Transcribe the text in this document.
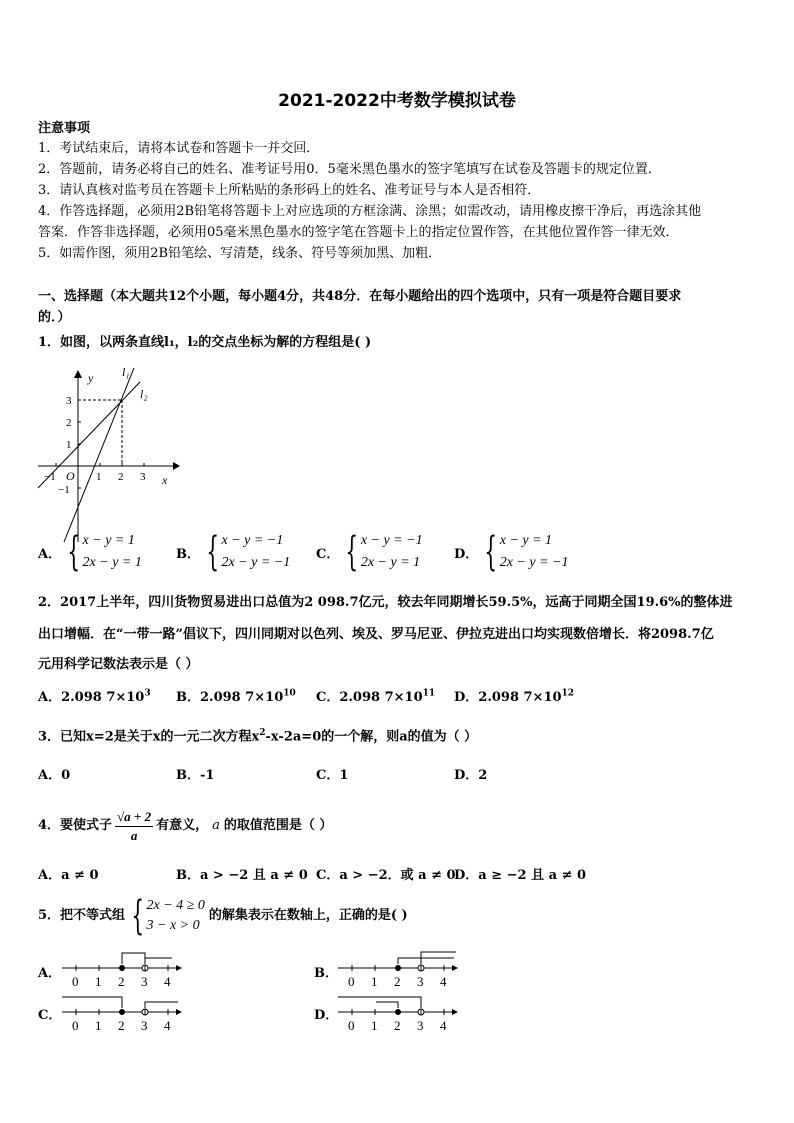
2021-2022中考数学模拟试卷
注意事项
1．考试结束后，请将本试卷和答题卡一并交回．
2．答题前，请务必将自己的姓名、准考证号用0．5毫米黑色墨水的签字笔填写在试卷及答题卡的规定位置．
3．请认真核对监考员在答题卡上所粘贴的条形码上的姓名、准考证号与本人是否相符．
4．作答选择题，必须用2B铅笔将答题卡上对应选项的方框涂满、涂黑；如需改动，请用橡皮擦干净后，再选涂其他
答案．作答非选择题，必须用05毫米黑色墨水的签字笔在答题卡上的指定位置作答，在其他位置作答一律无效．
5．如需作图，须用2B铅笔绘、写清楚，线条、符号等须加黑、加粗．
一、选择题（本大题共12个小题，每小题4分，共48分．在每小题给出的四个选项中，只有一项是符合题目要求
的．）
1．如图，以两条直线l₁，l₂的交点坐标为解的方程组是( )
y
x
O
l₁
l₂
−1	1 2 3
3
2
1
−1
A． { x − y = 1
2x − y = 1
B． { x − y = −1
2x − y = −1
C． { x − y = −1
2x − y = 1
D． { x − y = 1
2x − y = −1
2．2017上半年，四川货物贸易进出口总值为2 098.7亿元，较去年同期增长59.5%，远高于同期全国19.6%的整体进
出口增幅．在“一带一路”倡议下，四川同期对以色列、埃及、罗马尼亚、伊拉克进出口均实现数倍增长．将2098.7亿
元用科学记数法表示是（ ）
A．2.098 $7\times 10^3$ B．2.098 $7\times 10^{10}$ C．2.098 $7\times 10^{11}$ D．2.098 $7\times 10^{12}$
3．已知x=2是关于x的一元二次方程$x^2-x-2a=0$的一个解，则a的值为（ ）
A．0	B．-1	C．1	D．2
4．要使式子 $\frac{√a + 2}{a}$ 有意义， a 的取值范围是（ ）
A．a ≠ 0	B．a > −2 且 a ≠ 0 C．a > −2．或 a ≠ 0
D．a ≥ −2 且 a ≠ 0
5．把不等式组 { 2x − 4 ≥ 0
3 − x > 0
的解集表示在数轴上，正确的是( )
A．
0 1 2 3 4
B．
0 1 2 3 4
C．
0 1 2 3 4
D．
0 1 2 3 4
